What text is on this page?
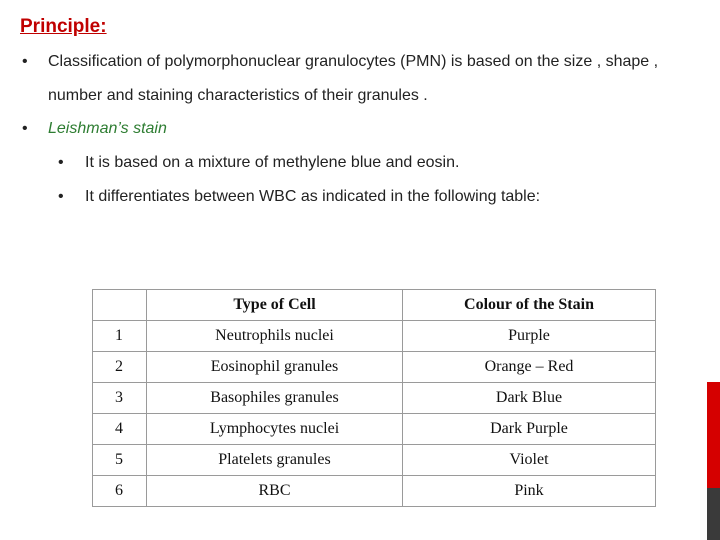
Principle:
• Classification of polymorphonuclear granulocytes (PMN) is based on the size , shape , number and staining characteristics of their granules .
• Leishman’s stain
• It is based on a mixture of methylene blue and eosin.
• It differentiates between WBC as indicated in the following table:
	Type of Cell	Colour of the Stain
1	Neutrophils nuclei	Purple
2	Eosinophil granules	Orange – Red
3	Basophiles granules	Dark Blue
4	Lymphocytes nuclei	Dark Purple
5	Platelets granules	Violet
6	RBC	Pink
